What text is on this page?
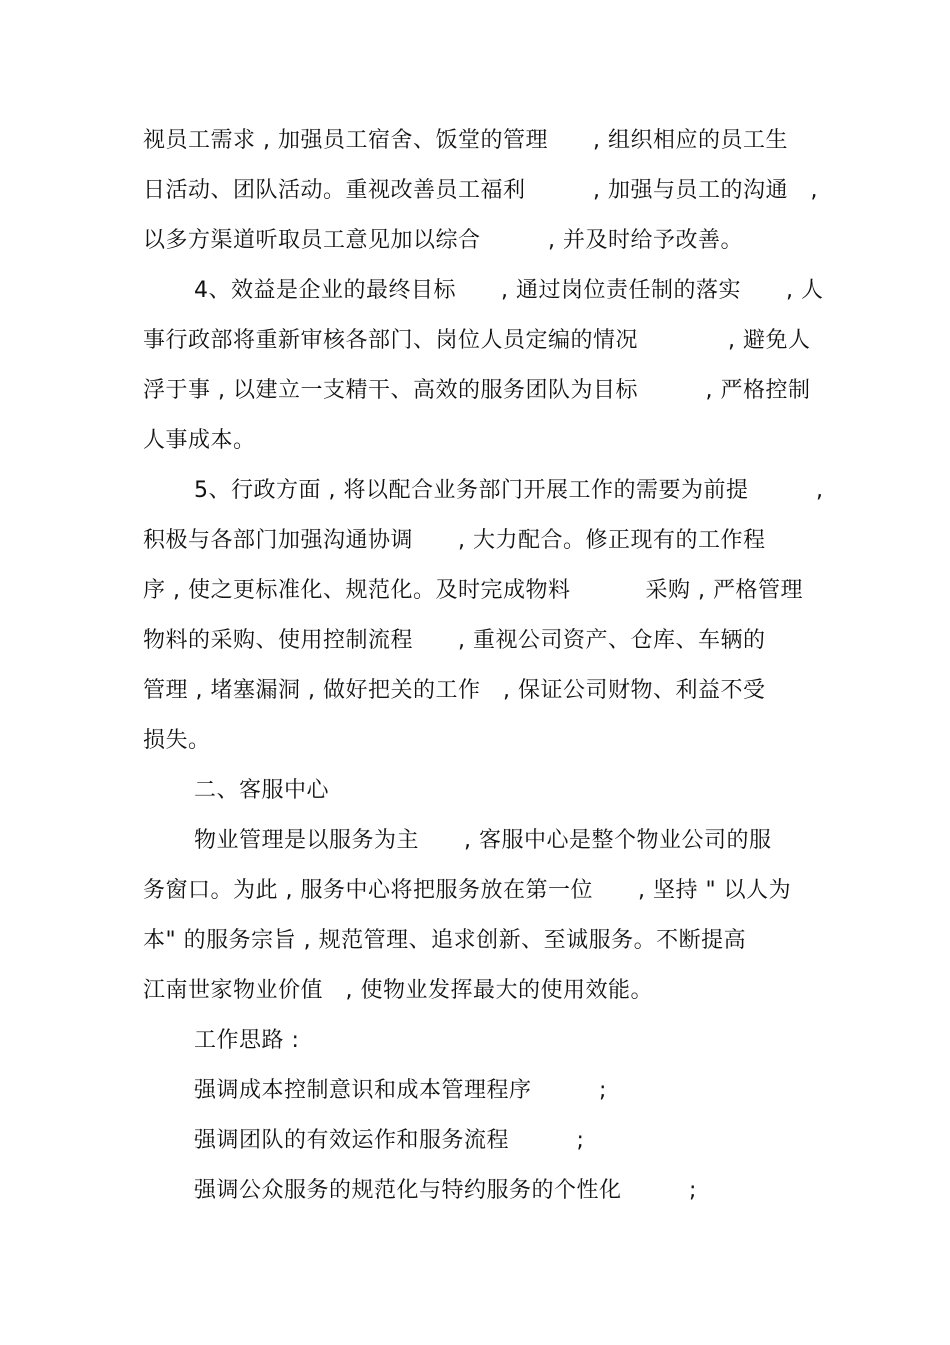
视员工需求 , 加强员工宿舍、饭堂的管理　　, 组织相应的员工生
日活动、团队活动。重视改善员工福利　　　, 加强与员工的沟通　,
以多方渠道听取员工意见加以综合　　　, 并及时给予改善。
4、效益是企业的最终目标　　, 通过岗位责任制的落实　　, 人
事行政部将重新审核各部门、岗位人员定编的情况　　　　, 避免人
浮于事 , 以建立一支精干、高效的服务团队为目标　　　, 严格控制
人事成本。
5、行政方面 , 将以配合业务部门开展工作的需要为前提　　　,
积极与各部门加强沟通协调　　, 大力配合。修正现有的工作程
序 , 使之更标准化、规范化。及时完成物料　　　 采购 , 严格管理
物料的采购、使用控制流程　　, 重视公司资产、仓库、车辆的
管理 , 堵塞漏洞 , 做好把关的工作　, 保证公司财物、利益不受
损失。
二、客服中心
物业管理是以服务为主　　, 客服中心是整个物业公司的服
务窗口。为此 , 服务中心将把服务放在第一位　　, 坚持 " 以人为
本" 的服务宗旨 , 规范管理、追求创新、至诚服务。不断提高
江南世家物业价值　, 使物业发挥最大的使用效能。
工作思路 :
强调成本控制意识和成本管理程序　　　;
强调团队的有效运作和服务流程　　　;
强调公众服务的规范化与特约服务的个性化　　　;
